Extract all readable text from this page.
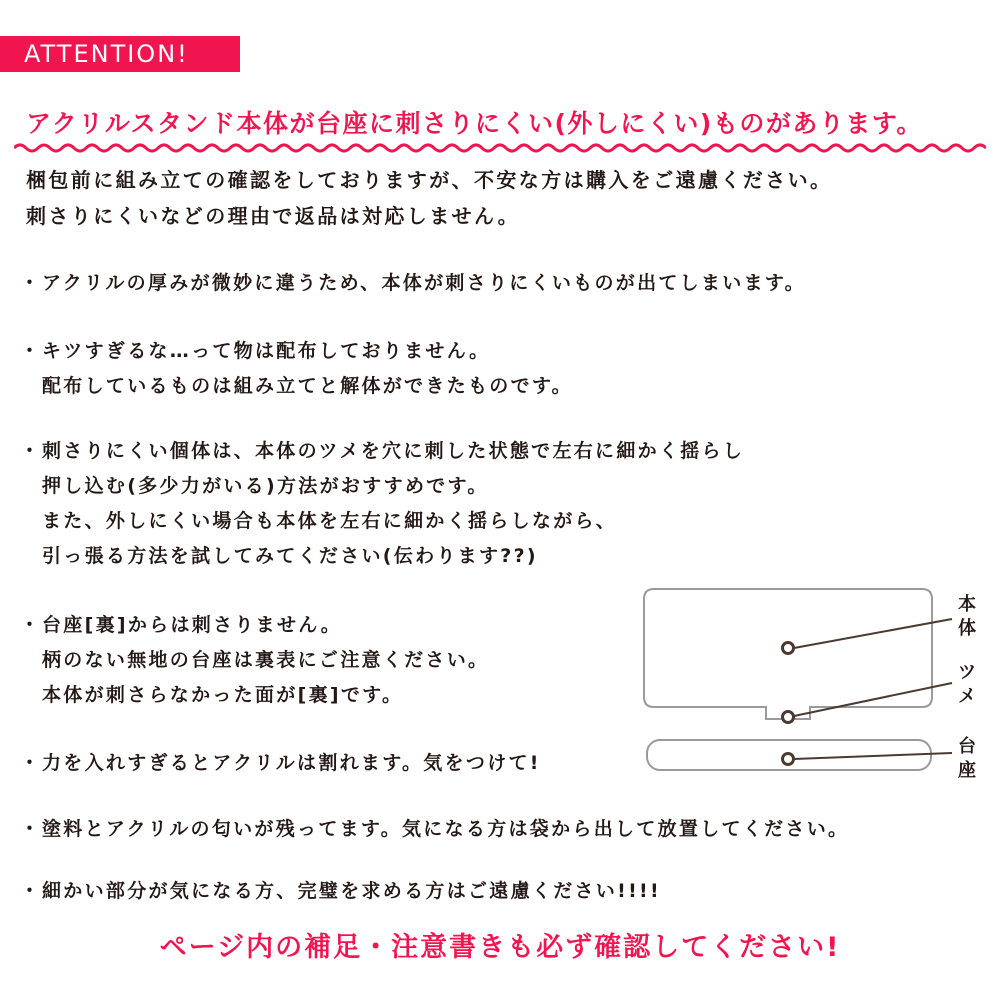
ATTENTION!
アクリルスタンド本体が台座に刺さりにくい(外しにくい)ものがあります。
梱包前に組み立ての確認をしておりますが、不安な方は購入をご遠慮ください。
刺さりにくいなどの理由で返品は対応しません。
・ アクリルの厚みが微妙に違うため、本体が刺さりにくいものが出てしまいます。
・ キツすぎるな…って物は配布しておりません。
配布しているものは組み立てと解体ができたものです。
・ 刺さりにくい個体は、本体のツメを穴に刺した状態で左右に細かく揺らし
押し込む(多少力がいる)方法がおすすめです。
また、外しにくい場合も本体を左右に細かく揺らしながら、
引っ張る方法を試してみてください(伝わります??)
・ 台座[裏]からは刺さりません。
柄のない無地の台座は裏表にご注意ください。
本体が刺さらなかった面が[裏]です。
・ 力を入れすぎるとアクリルは割れます。気をつけて!
・ 塗料とアクリルの匂いが残ってます。気になる方は袋から出して放置してください。
・ 細かい部分が気になる方、完璧を求める方はご遠慮ください!!!!
本
体
ツ
メ
台
座
ページ内の補足・注意書きも必ず確認してください!
